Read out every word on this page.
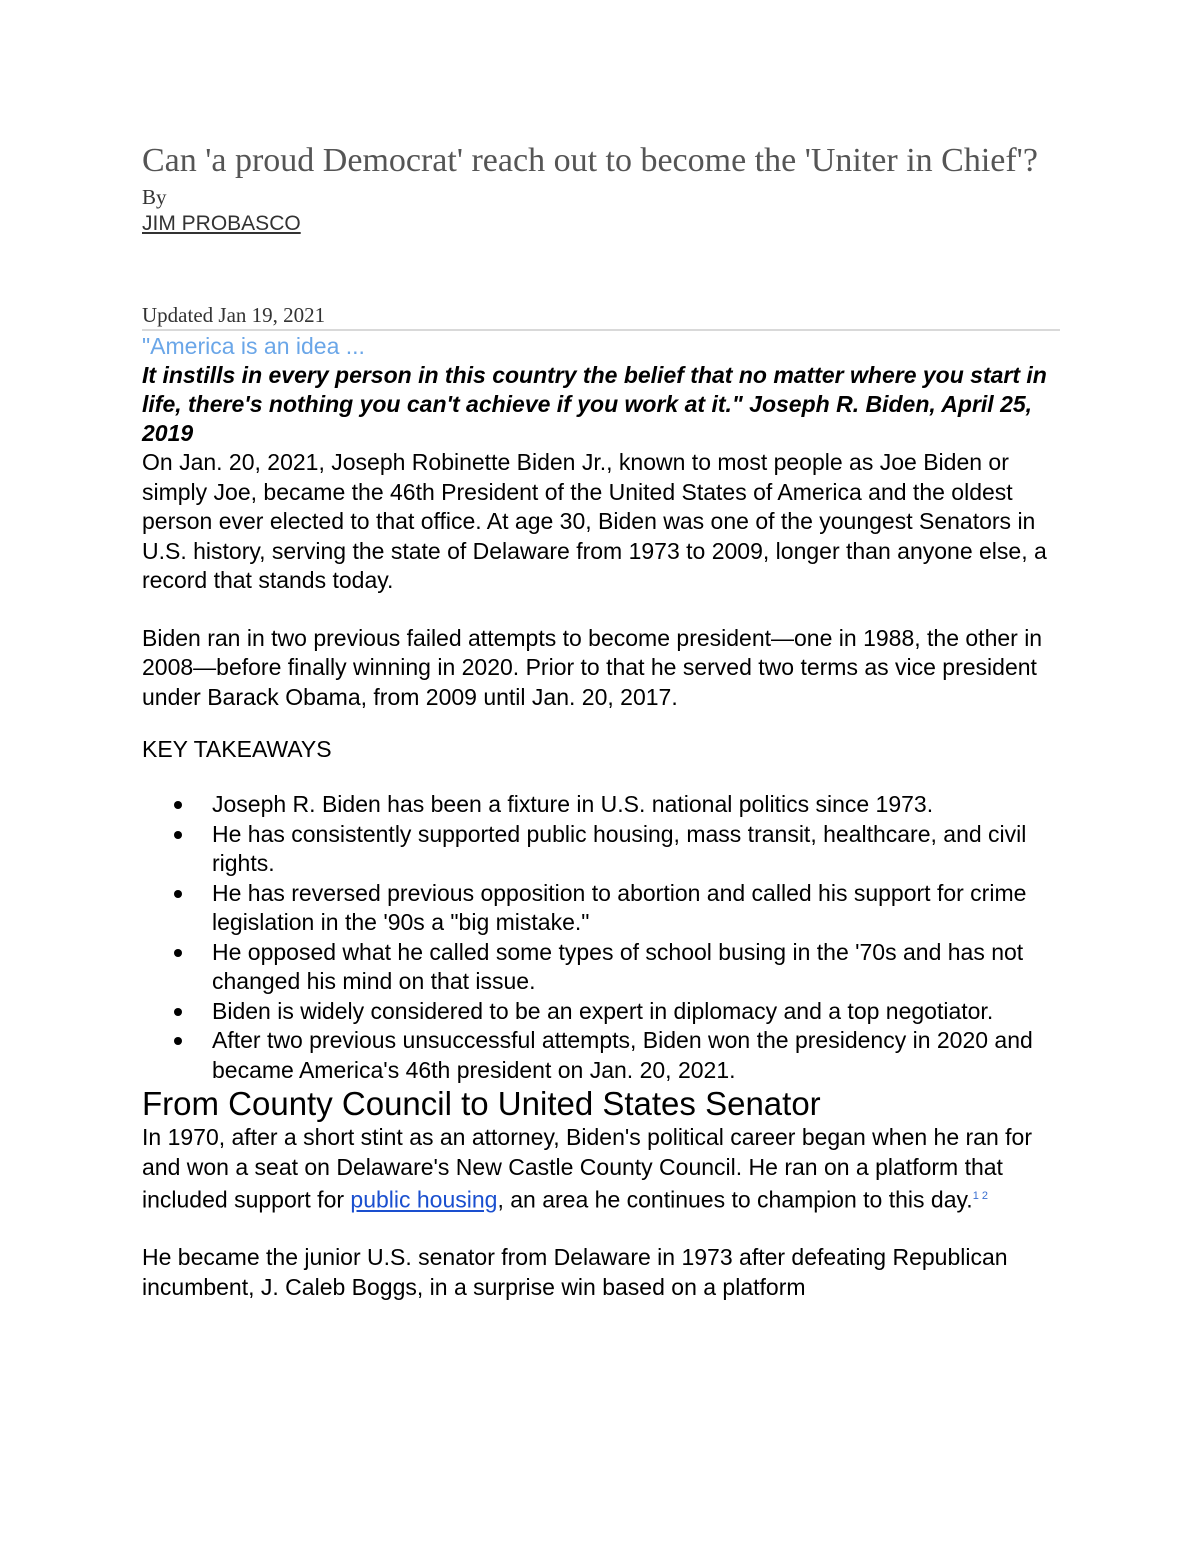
Can 'a proud Democrat' reach out to become the 'Uniter in Chief'?
By
JIM PROBASCO
Updated Jan 19, 2021
"America is an idea ...
It instills in every person in this country the belief that no matter where you start in life, there's nothing you can't achieve if you work at it." Joseph R. Biden, April 25, 2019

On Jan. 20, 2021, Joseph Robinette Biden Jr., known to most people as Joe Biden or simply Joe, became the 46th President of the United States of America and the oldest person ever elected to that office. At age 30, Biden was one of the youngest Senators in U.S. history, serving the state of Delaware from 1973 to 2009, longer than anyone else, a record that stands today.

Biden ran in two previous failed attempts to become president—one in 1988, the other in 2008—before finally winning in 2020. Prior to that he served two terms as vice president under Barack Obama, from 2009 until Jan. 20, 2017.

KEY TAKEAWAYS
Joseph R. Biden has been a fixture in U.S. national politics since 1973.
He has consistently supported public housing, mass transit, healthcare, and civil rights.
He has reversed previous opposition to abortion and called his support for crime legislation in the '90s a "big mistake."
He opposed what he called some types of school busing in the '70s and has not changed his mind on that issue.
Biden is widely considered to be an expert in diplomacy and a top negotiator.
After two previous unsuccessful attempts, Biden won the presidency in 2020 and became America's 46th president on Jan. 20, 2021.
From County Council to United States Senator

In 1970, after a short stint as an attorney, Biden's political career began when he ran for and won a seat on Delaware's New Castle County Council. He ran on a platform that included support for public housing, an area he continues to champion to this day.$^{1 2}$

He became the junior U.S. senator from Delaware in 1973 after defeating Republican incumbent, J. Caleb Boggs, in a surprise win based on a platform
